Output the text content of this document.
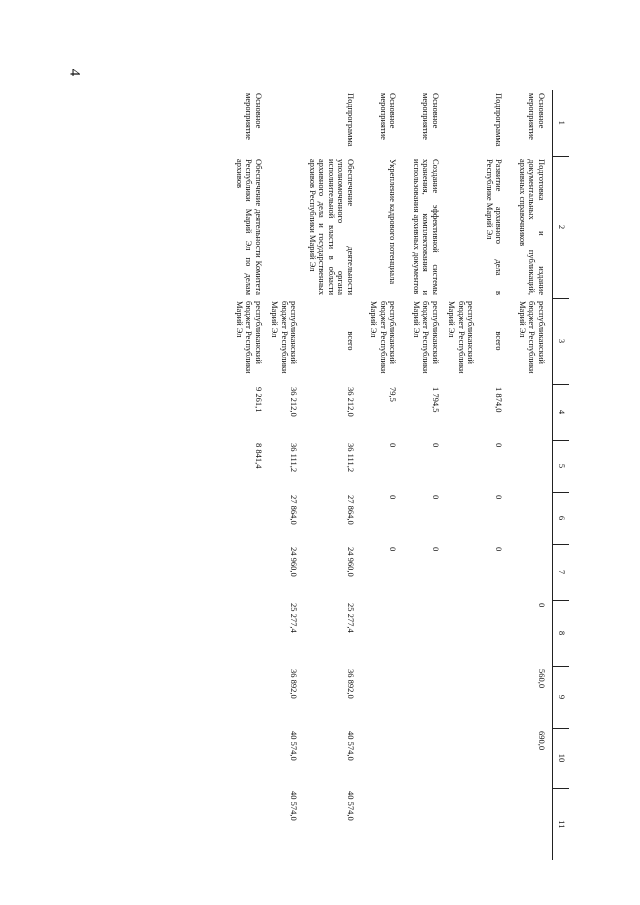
4
1	2	3	4	5	6	7	8	9	10	11
Основное мероприятие	Подготовка и издание документальных публикаций, архивных справочников	республиканский бюджет Республики Марий Эл					0	560,0	690,0	
Подпрограмма	Развитие архивного дела в Республике Марий Эл	всего	1 874,0	0	0	0				
		республиканский бюджет Республики Марий Эл								
Основное мероприятие	Создание эффективной системы хранения, комплектования и использования архивных документов	республиканский бюджет Республики Марий Эл	1 794,5	0	0	0				
Основное мероприятие	Укрепление кадрового потенциала	республиканский бюджет Республики Марий Эл	79,5	0	0	0				
Подпрограмма	Обеспечение деятельности уполномоченного органа исполнительной власти в области архивного дела и государственных архивов Республики Марий Эл	всего	36 212,0	36 111,2	27 864,0	24 960,0	25 277,4	36 892,0	40 574,0	40 574,0
		республиканский бюджет Республики Марий Эл	36 212,0	36 111,2	27 864,0	24 960,0	25 277,4	36 892,0	40 574,0	40 574,0
Основное мероприятие	Обеспечение деятельности Комитета Республики Марий Эл по делам архивов	республиканский бюджет Республики Марий Эл	9 261,1	8 841,4						
